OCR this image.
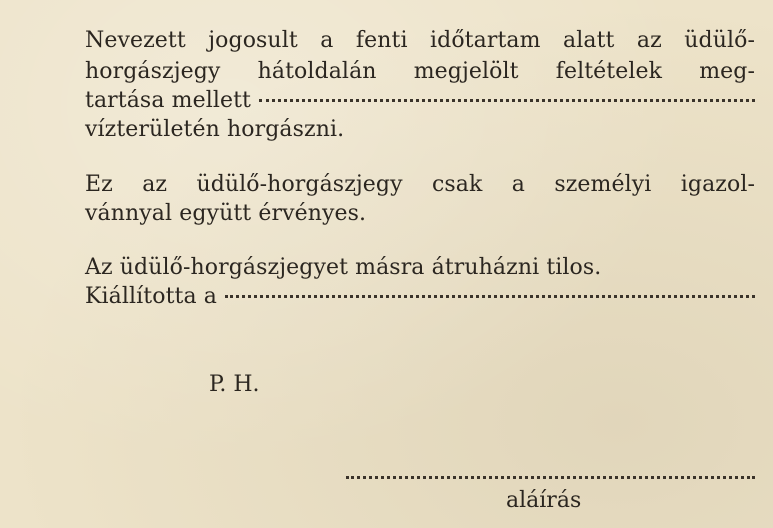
Nevezett jogosult a fenti időtartam alatt az üdülő-
horgászjegy hátoldalán megjelölt feltételek meg-
tartása mellett
vízterületén horgászni.
Ez az üdülő-horgászjegy csak a személyi igazol-
vánnyal együtt érvényes.
Az üdülő-horgászjegyet másra átruházni tilos.
Kiállította a
P. H.
aláírás
